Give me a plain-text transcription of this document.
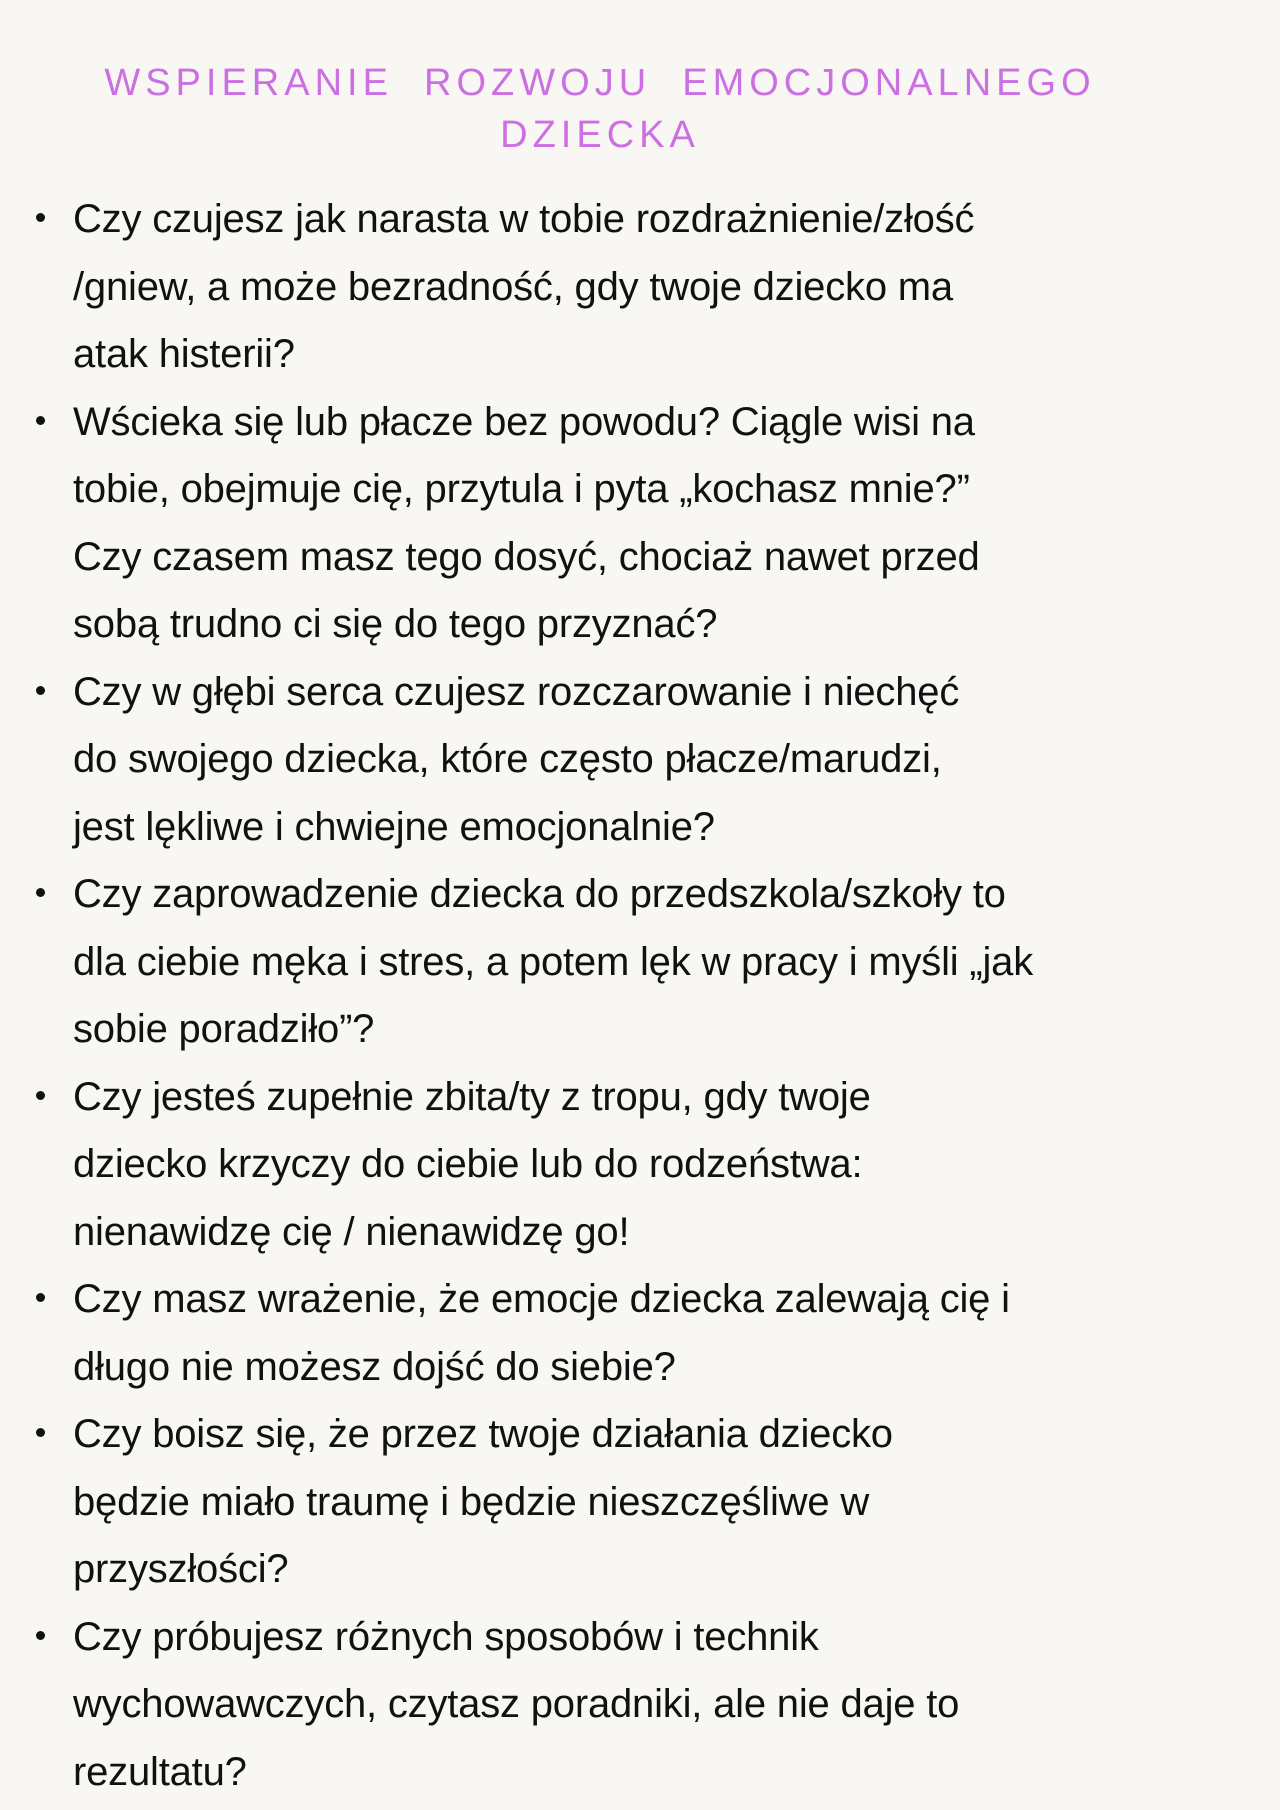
WSPIERANIE  ROZWOJU  EMOCJONALNEGO
DZIECKA
Czy czujesz jak narasta w tobie rozdrażnienie/złość
/gniew, a może bezradność, gdy twoje dziecko ma
atak histerii?
Wścieka się lub płacze bez powodu? Ciągle wisi na
tobie, obejmuje cię, przytula i pyta „kochasz mnie?”
Czy czasem masz tego dosyć, chociaż nawet przed
sobą trudno ci się do tego przyznać?
Czy w głębi serca czujesz rozczarowanie i niechęć
do swojego dziecka, które często płacze/marudzi,
jest lękliwe i chwiejne emocjonalnie?
Czy zaprowadzenie dziecka do przedszkola/szkoły to
dla ciebie męka i stres, a potem lęk w pracy i myśli „jak
sobie poradziło”?
Czy jesteś zupełnie zbita/ty z tropu, gdy twoje
dziecko krzyczy do ciebie lub do rodzeństwa:
nienawidzę cię / nienawidzę go!
Czy masz wrażenie, że emocje dziecka zalewają cię i
długo nie możesz dojść do siebie?
Czy boisz się, że przez twoje działania dziecko
będzie miało traumę i będzie nieszczęśliwe w
przyszłości?
Czy próbujesz różnych sposobów i technik
wychowawczych, czytasz poradniki, ale nie daje to
rezultatu?
